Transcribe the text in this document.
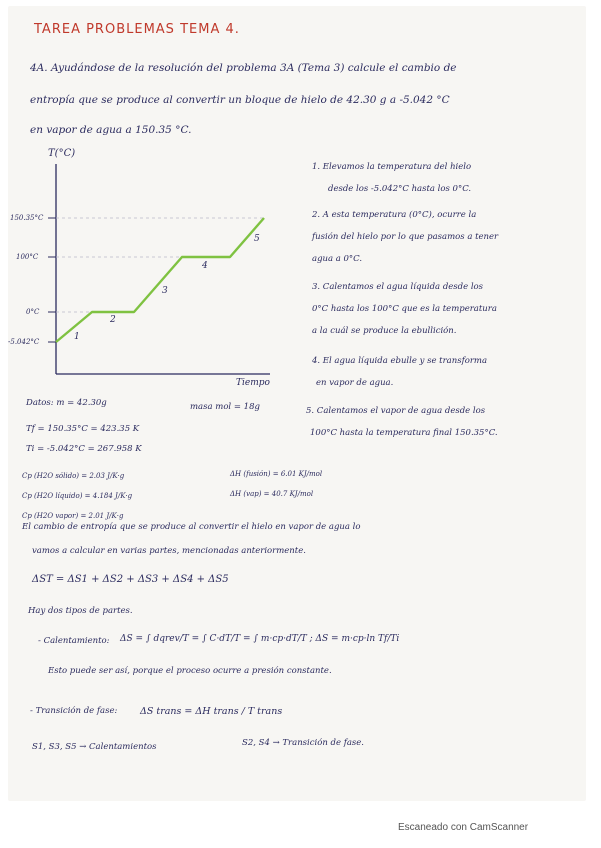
TAREA PROBLEMAS TEMA 4.
4A. Ayudándose de la resolución del problema 3A (Tema 3) calcule el cambio de
entropía que se produce al convertir un bloque de hielo de 42.30 g a -5.042 °C
en vapor de agua a 150.35 °C.
T(°C)
150.35°C
100°C
0°C
-5.042°C
Tiempo
1
2
3
4
5
1. Elevamos la temperatura del hielo
desde los -5.042°C hasta los 0°C.
2. A esta temperatura (0°C), ocurre la
fusión del hielo por lo que pasamos a tener
agua a 0°C.
3. Calentamos el agua líquida desde los
0°C hasta los 100°C que es la temperatura
a la cuál se produce la ebullición.
4. El agua líquida ebulle y se transforma
en vapor de agua.
5. Calentamos el vapor de agua desde los
100°C hasta la temperatura final 150.35°C.
Datos: m = 42.30g	masa mol = 18g
Tf = 150.35°C = 423.35 K
Ti = -5.042°C = 267.958 K
Cp (H2O sólido) = 2.03 J/K·g
Cp (H2O líquido) = 4.184 J/K·g
Cp (H2O vapor) = 2.01 J/K·g
ΔH (fusión) = 6.01 KJ/mol
ΔH (vap) = 40.7 KJ/mol
El cambio de entropía que se produce al convertir el hielo en vapor de agua lo
vamos a calcular en varias partes, mencionadas anteriormente.
ΔST = ΔS1 + ΔS2 + ΔS3 + ΔS4 + ΔS5
Hay dos tipos de partes.
- Calentamiento: ΔS = ∫ dqrev/T = ∫ C·dT/T = ∫ m·cp·dT/T ; ΔS = m·cp·ln Tf/Ti
Esto puede ser así, porque el proceso ocurre a presión constante.
- Transición de fase: ΔS trans = ΔH trans / T trans
S1, S3, S5 → Calentamientos	S2, S4 → Transición de fase.
Escaneado con CamScanner
